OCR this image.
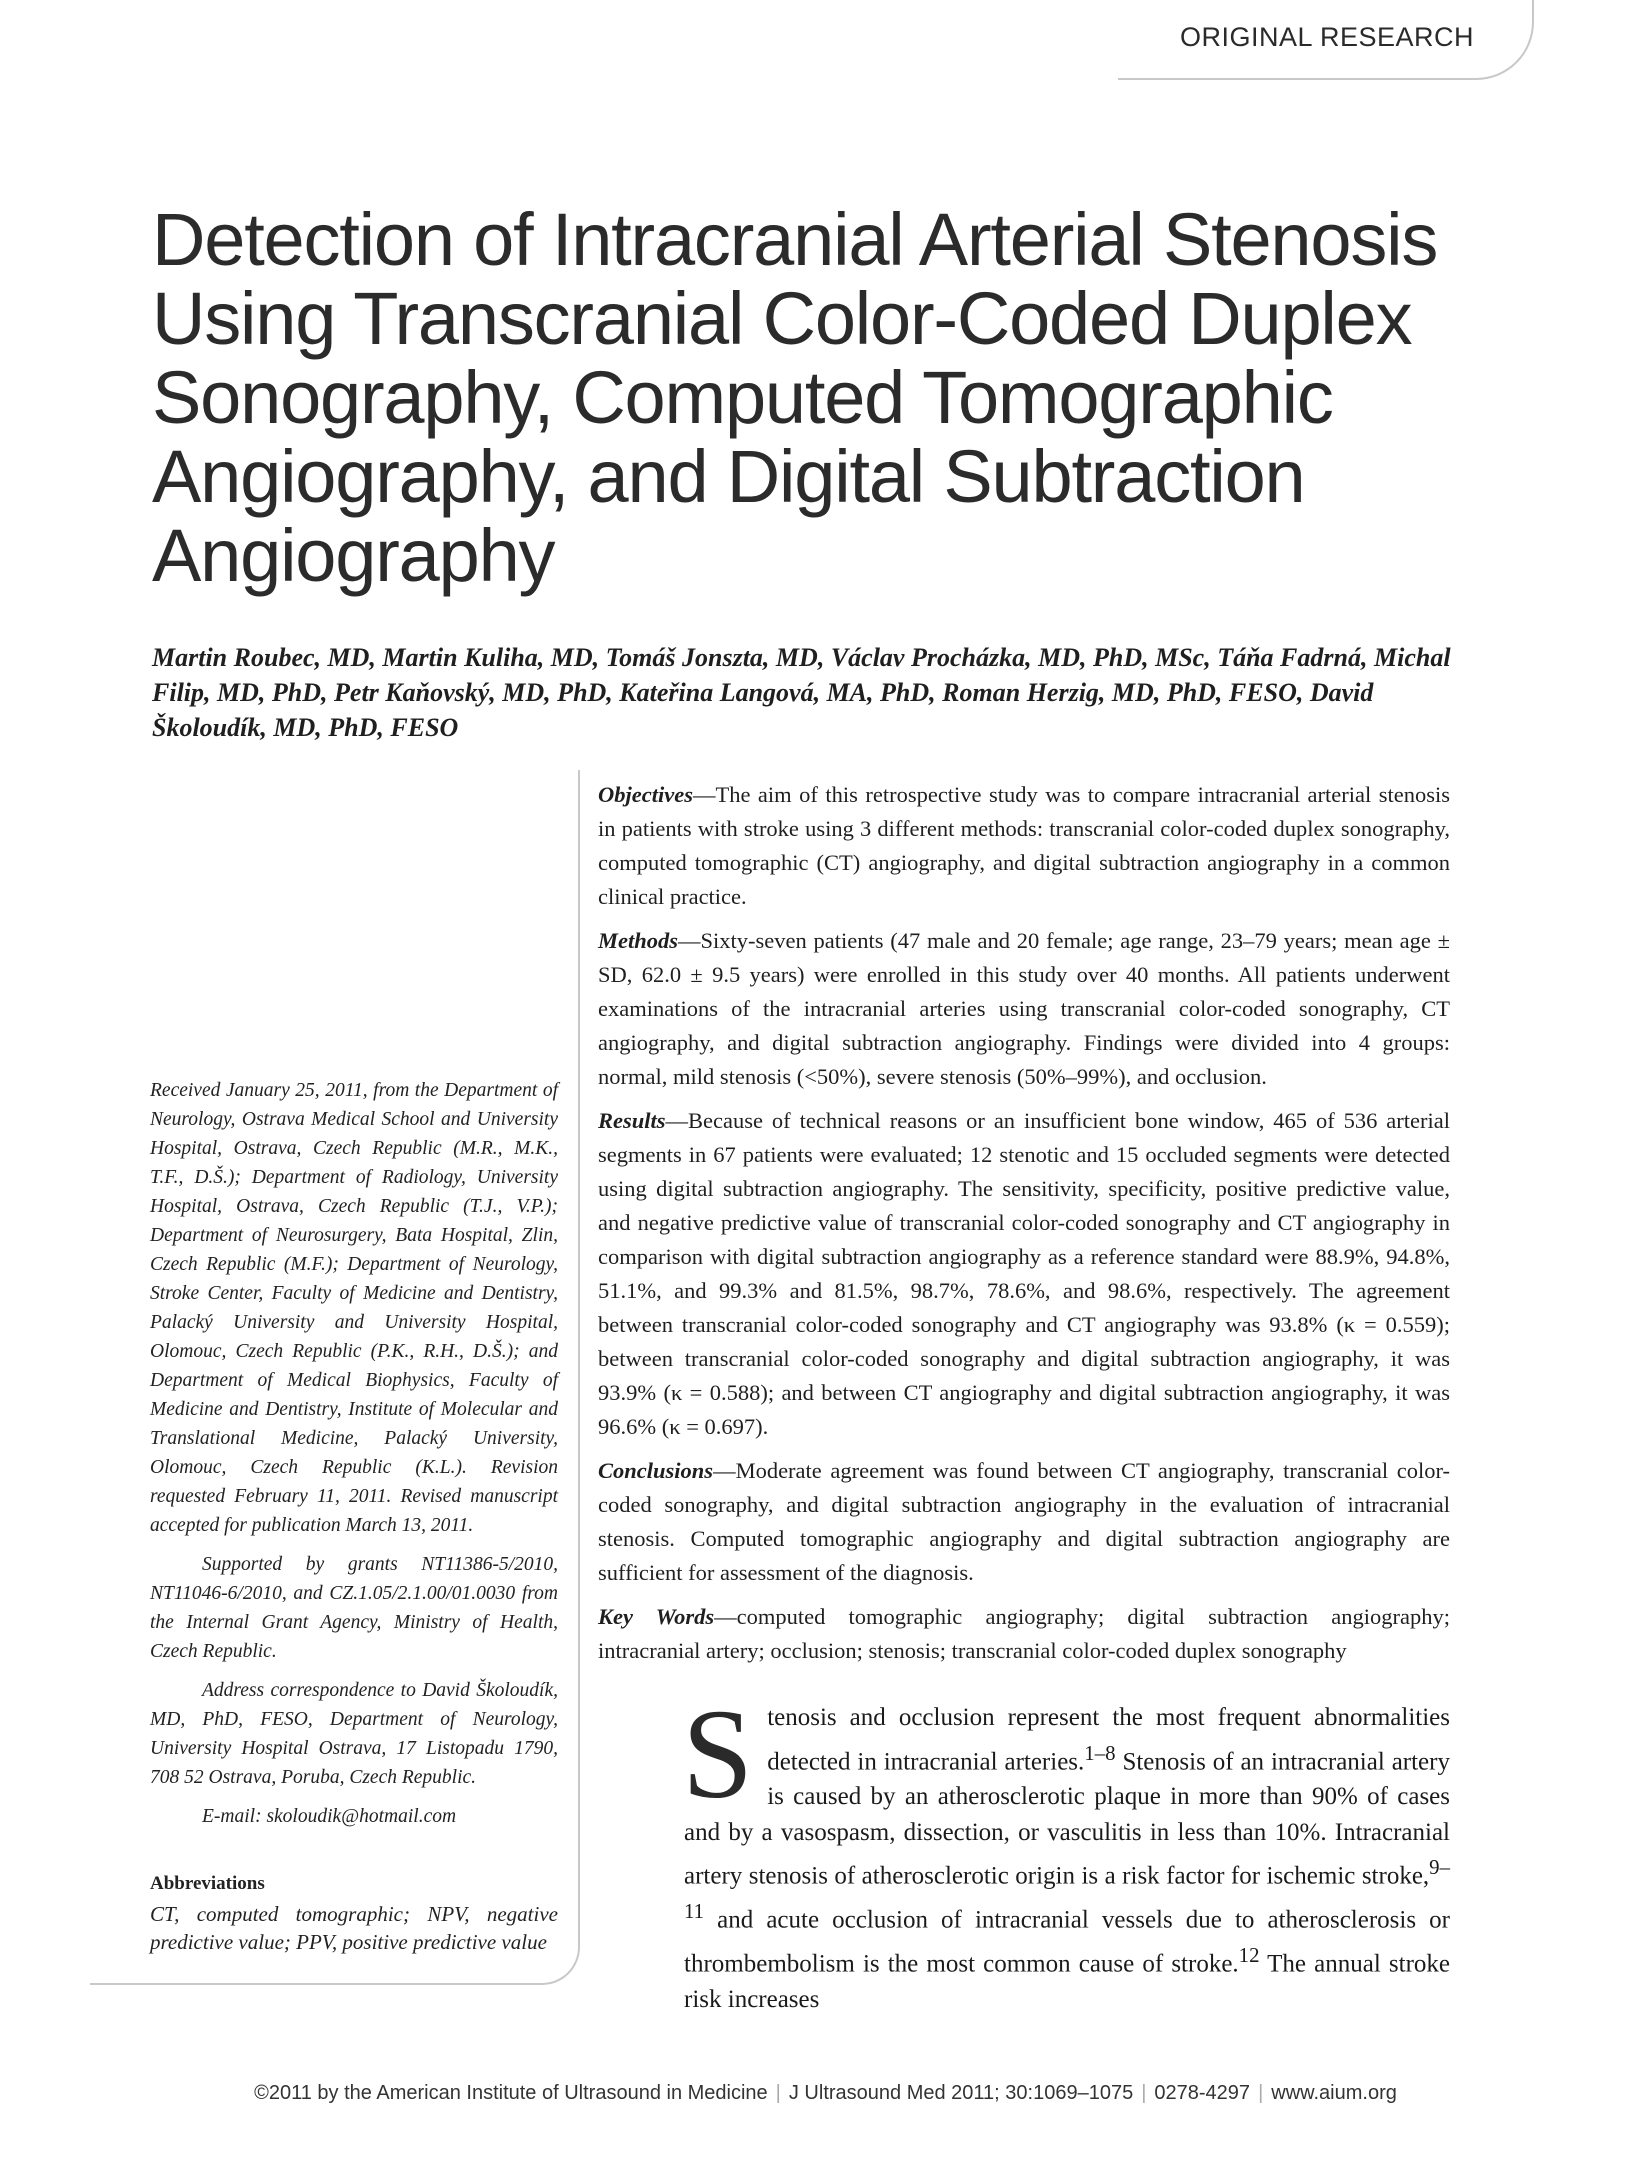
ORIGINAL RESEARCH
Detection of Intracranial Arterial Stenosis Using Transcranial Color-Coded Duplex Sonography, Computed Tomographic Angiography, and Digital Subtraction Angiography

Martin Roubec, MD, Martin Kuliha, MD, Tomáš Jonszta, MD, Václav Procházka, MD, PhD, MSc, Táňa Fadrná, Michal Filip, MD, PhD, Petr Kaňovský, MD, PhD, Kateřina Langová, MA, PhD, Roman Herzig, MD, PhD, FESO, David Školoudík, MD, PhD, FESO

Received January 25, 2011, from the Department of Neurology, Ostrava Medical School and University Hospital, Ostrava, Czech Republic (M.R., M.K., T.F., D.Š.); Department of Radiology, University Hospital, Ostrava, Czech Republic (T.J., V.P.); Department of Neurosurgery, Bata Hospital, Zlin, Czech Republic (M.F.); Department of Neurology, Stroke Center, Faculty of Medicine and Dentistry, Palacký University and University Hospital, Olomouc, Czech Republic (P.K., R.H., D.Š.); and Department of Medical Biophysics, Faculty of Medicine and Dentistry, Institute of Molecular and Translational Medicine, Palacký University, Olomouc, Czech Republic (K.L.). Revision requested February 11, 2011. Revised manuscript accepted for publication March 13, 2011.

Supported by grants NT11386-5/2010, NT11046-6/2010, and CZ.1.05/2.1.00/01.0030 from the Internal Grant Agency, Ministry of Health, Czech Republic.

Address correspondence to David Školoudík, MD, PhD, FESO, Department of Neurology, University Hospital Ostrava, 17 Listopadu 1790, 708 52 Ostrava, Poruba, Czech Republic.

E-mail: skoloudik@hotmail.com

Abbreviations
CT, computed tomographic; NPV, negative predictive value; PPV, positive predictive value

Objectives—The aim of this retrospective study was to compare intracranial arterial stenosis in patients with stroke using 3 different methods: transcranial color-coded duplex sonography, computed tomographic (CT) angiography, and digital subtraction angiography in a common clinical practice.

Methods—Sixty-seven patients (47 male and 20 female; age range, 23–79 years; mean age ± SD, 62.0 ± 9.5 years) were enrolled in this study over 40 months. All patients underwent examinations of the intracranial arteries using transcranial color-coded sonography, CT angiography, and digital subtraction angiography. Findings were divided into 4 groups: normal, mild stenosis (<50%), severe stenosis (50%–99%), and occlusion.

Results—Because of technical reasons or an insufficient bone window, 465 of 536 arterial segments in 67 patients were evaluated; 12 stenotic and 15 occluded segments were detected using digital subtraction angiography. The sensitivity, specificity, positive predictive value, and negative predictive value of transcranial color-coded sonography and CT angiography in comparison with digital subtraction angiography as a reference standard were 88.9%, 94.8%, 51.1%, and 99.3% and 81.5%, 98.7%, 78.6%, and 98.6%, respectively. The agreement between transcranial color-coded sonography and CT angiography was 93.8% (κ = 0.559); between transcranial color-coded sonography and digital subtraction angiography, it was 93.9% (κ = 0.588); and between CT angiography and digital subtraction angiography, it was 96.6% (κ = 0.697).

Conclusions—Moderate agreement was found between CT angiography, transcranial color-coded sonography, and digital subtraction angiography in the evaluation of intracranial stenosis. Computed tomographic angiography and digital subtraction angiography are sufficient for assessment of the diagnosis.

Key Words—computed tomographic angiography; digital subtraction angiography; intracranial artery; occlusion; stenosis; transcranial color-coded duplex sonography

Stenosis and occlusion represent the most frequent abnormalities detected in intracranial arteries.$^{1-8}$ Stenosis of an intracranial artery is caused by an atherosclerotic plaque in more than 90% of cases and by a vasospasm, dissection, or vasculitis in less than 10%. Intracranial artery stenosis of atherosclerotic origin is a risk factor for ischemic stroke,$^{9-11}$ and acute occlusion of intracranial vessels due to atherosclerosis or thrombembolism is the most common cause of stroke.$^{12}$ The annual stroke risk increases

©2011 by the American Institute of Ultrasound in Medicine | J Ultrasound Med 2011; 30:1069–1075 | 0278-4297 | www.aium.org
